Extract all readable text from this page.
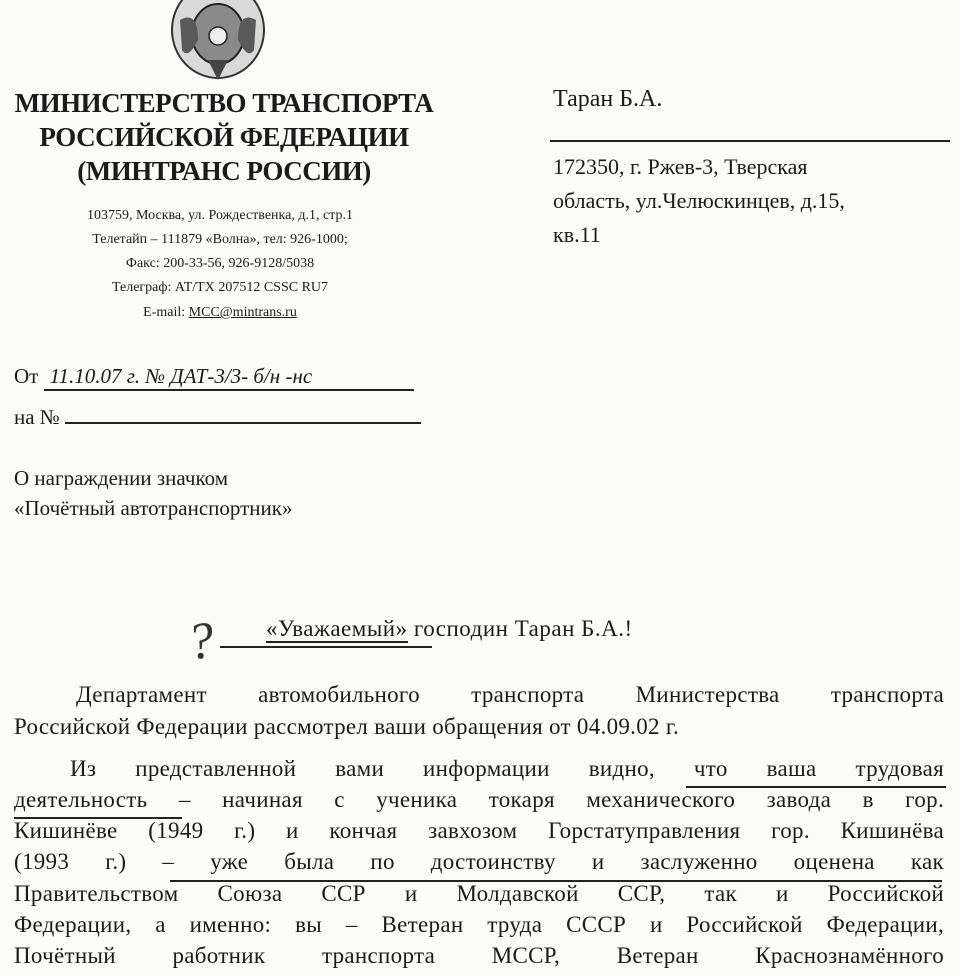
МИНИСТЕРСТВО ТРАНСПОРТА
РОССИЙСКОЙ ФЕДЕРАЦИИ
(МИНТРАНС РОССИИ)
103759, Москва, ул. Рождественка, д.1, стр.1
Телетайп – 111879 «Волна», тел: 926-1000;
Факс: 200-33-56, 926-9128/5038
Телеграф: АТ/ТХ 207512 CSSC RU7
E-mail: MCC@mintrans.ru
От 11.10.07 г. № ДАТ-3/3- б/н -нс
на №
О награждении значком
«Почётный автотранспортник»
Таран Б.А.
172350, г. Ржев-3, Тверская
область, ул.Челюскинцев, д.15,
кв.11
? «Уважаемый» господин Таран Б.А.!
Департамент автомобильного транспорта Министерства транспорта
Российской Федерации рассмотрел ваши обращения от 04.09.02 г.
Из представленной вами информации видно, что ваша трудовая
деятельность – начиная с ученика токаря механического завода в гор.
Кишинёве (1949 г.) и кончая завхозом Горстатуправления гор. Кишинёва
(1993 г.) – уже была по достоинству и заслуженно оценена как
Правительством Союза ССР и Молдавской ССР, так и Российской
Федерации, а именно: вы – Ветеран труда СССР и Российской Федерации,
Почётный работник транспорта МССР, Ветеран Краснознамённого
